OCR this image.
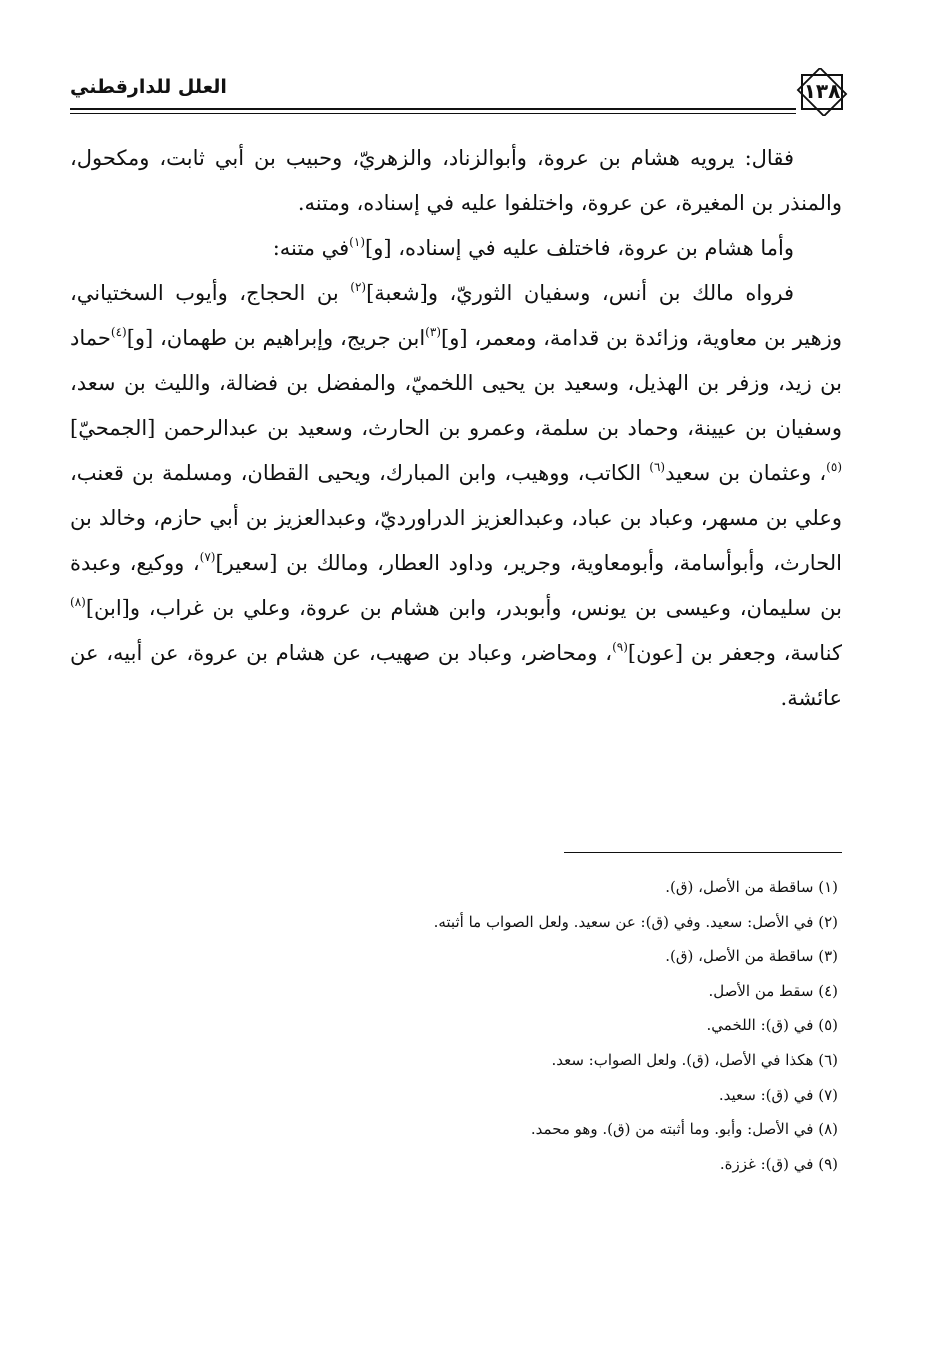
١٣٨
العلل للدارقطني

فقال: يرويه هشام بن عروة، وأبوالزناد، والزهريّ، وحبيب بن أبي ثابت، ومكحول، والمنذر بن المغيرة، عن عروة، واختلفوا عليه في إسناده، ومتنه.

وأما هشام بن عروة، فاختلف عليه في إسناده، [و]$^{(١)}$في متنه:

فرواه مالك بن أنس، وسفيان الثوريّ، و[شعبة]$^{(٢)}$ بن الحجاج، وأيوب السختياني، وزهير بن معاوية، وزائدة بن قدامة، ومعمر، [و]$^{(٣)}$ابن جريج، وإبراهيم بن طهمان، [و]$^{(٤)}$حماد بن زيد، وزفر بن الهذيل، وسعيد بن يحيى اللخميّ، والمفضل بن فضالة، والليث بن سعد، وسفيان بن عيينة، وحماد بن سلمة، وعمرو بن الحارث، وسعيد بن عبدالرحمن [الجمحيّ]$^{(٥)}$، وعثمان بن سعيد$^{(٦)}$ الكاتب، ووهيب، وابن المبارك، ويحيى القطان، ومسلمة بن قعنب، وعلي بن مسهر، وعباد بن عباد، وعبدالعزيز الدراورديّ، وعبدالعزيز بن أبي حازم، وخالد بن الحارث، وأبوأسامة، وأبومعاوية، وجرير، وداود العطار، ومالك بن [سعير]$^{(٧)}$، ووكيع، وعبدة بن سليمان، وعيسى بن يونس، وأبوبدر، وابن هشام بن عروة، وعلي بن غراب، و[ابن]$^{(٨)}$ كناسة، وجعفر بن [عون]$^{(٩)}$، ومحاضر، وعباد بن صهيب، عن هشام بن عروة، عن أبيه، عن عائشة.

(١) ساقطة من الأصل، (ق).
(٢) في الأصل: سعيد. وفي (ق): عن سعيد. ولعل الصواب ما أثبته.
(٣) ساقطة من الأصل، (ق).
(٤) سقط من الأصل.
(٥) في (ق): اللخمي.
(٦) هكذا في الأصل، (ق). ولعل الصواب: سعد.
(٧) في (ق): سعيد.
(٨) في الأصل: وأبو. وما أثبته من (ق). وهو محمد.
(٩) في (ق): غززة.
